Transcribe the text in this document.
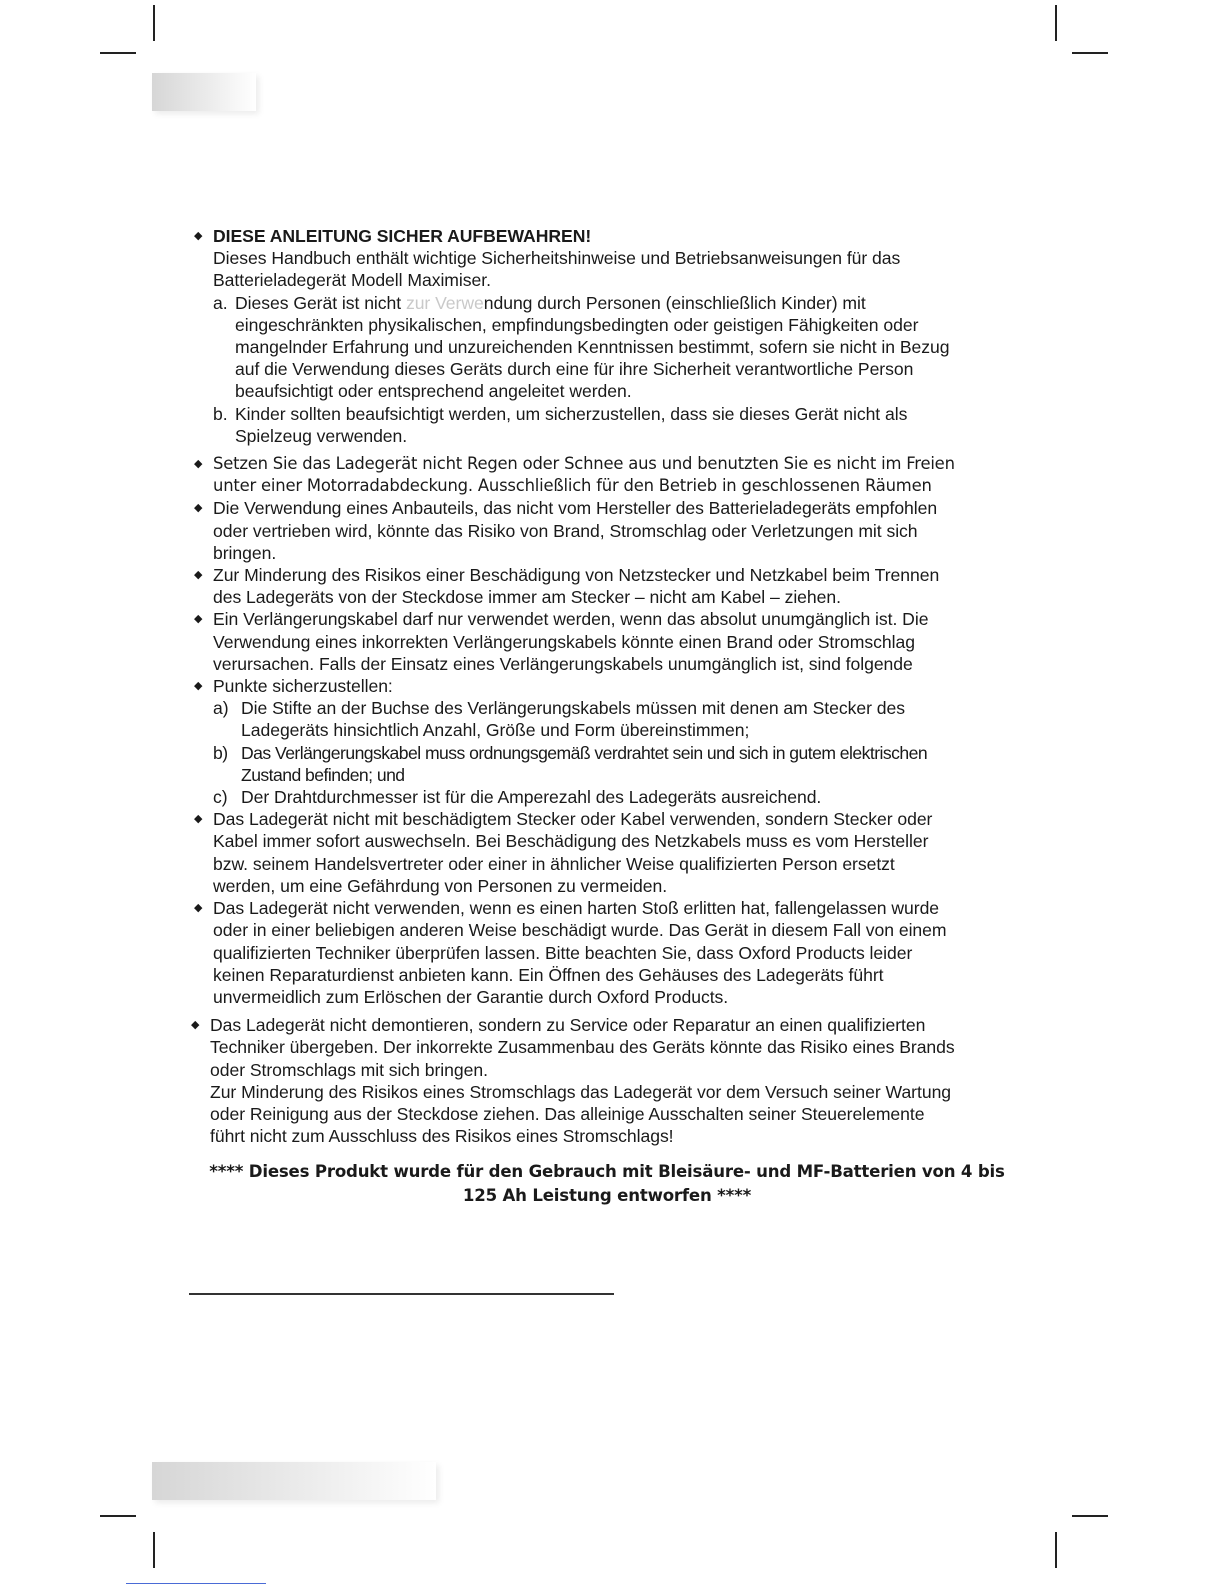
◆ DIESE ANLEITUNG SICHER AUFBEWAHREN!
Dieses Handbuch enthält wichtige Sicherheitshinweise und Betriebsanweisungen für das
Batterieladegerät Modell Maximiser.
a. Dieses Gerät ist nicht zur Verwendung durch Personen (einschließlich Kinder) mit
eingeschränkten physikalischen, empfindungsbedingten oder geistigen Fähigkeiten oder
mangelnder Erfahrung und unzureichenden Kenntnissen bestimmt, sofern sie nicht in Bezug
auf die Verwendung dieses Geräts durch eine für ihre Sicherheit verantwortliche Person
beaufsichtigt oder entsprechend angeleitet werden.
b. Kinder sollten beaufsichtigt werden, um sicherzustellen, dass sie dieses Gerät nicht als
Spielzeug verwenden.
◆ Setzen Sie das Ladegerät nicht Regen oder Schnee aus und benutzten Sie es nicht im Freien
unter einer Motorradabdeckung. Ausschließlich für den Betrieb in geschlossenen Räumen
◆ Die Verwendung eines Anbauteils, das nicht vom Hersteller des Batterieladegeräts empfohlen
oder vertrieben wird, könnte das Risiko von Brand, Stromschlag oder Verletzungen mit sich
bringen.
◆ Zur Minderung des Risikos einer Beschädigung von Netzstecker und Netzkabel beim Trennen
des Ladegeräts von der Steckdose immer am Stecker – nicht am Kabel – ziehen.
◆ Ein Verlängerungskabel darf nur verwendet werden, wenn das absolut unumgänglich ist. Die
Verwendung eines inkorrekten Verlängerungskabels könnte einen Brand oder Stromschlag
verursachen. Falls der Einsatz eines Verlängerungskabels unumgänglich ist, sind folgende
◆ Punkte sicherzustellen:
a) Die Stifte an der Buchse des Verlängerungskabels müssen mit denen am Stecker des
Ladegeräts hinsichtlich Anzahl, Größe und Form übereinstimmen;
b) Das Verlängerungskabel muss ordnungsgemäß verdrahtet sein und sich in gutem elektrischen
Zustand befinden; und
c) Der Drahtdurchmesser ist für die Amperezahl des Ladegeräts ausreichend.
◆ Das Ladegerät nicht mit beschädigtem Stecker oder Kabel verwenden, sondern Stecker oder
Kabel immer sofort auswechseln. Bei Beschädigung des Netzkabels muss es vom Hersteller
bzw. seinem Handelsvertreter oder einer in ähnlicher Weise qualifizierten Person ersetzt
werden, um eine Gefährdung von Personen zu vermeiden.
◆ Das Ladegerät nicht verwenden, wenn es einen harten Stoß erlitten hat, fallengelassen wurde
oder in einer beliebigen anderen Weise beschädigt wurde. Das Gerät in diesem Fall von einem
qualifizierten Techniker überprüfen lassen. Bitte beachten Sie, dass Oxford Products leider
keinen Reparaturdienst anbieten kann. Ein Öffnen des Gehäuses des Ladegeräts führt
unvermeidlich zum Erlöschen der Garantie durch Oxford Products.
◆ Das Ladegerät nicht demontieren, sondern zu Service oder Reparatur an einen qualifizierten
Techniker übergeben. Der inkorrekte Zusammenbau des Geräts könnte das Risiko eines Brands
oder Stromschlags mit sich bringen.
Zur Minderung des Risikos eines Stromschlags das Ladegerät vor dem Versuch seiner Wartung
oder Reinigung aus der Steckdose ziehen. Das alleinige Ausschalten seiner Steuerelemente
führt nicht zum Ausschluss des Risikos eines Stromschlags!
**** Dieses Produkt wurde für den Gebrauch mit Bleisäure- und MF-Batterien von 4 bis
125 Ah Leistung entworfen ****
